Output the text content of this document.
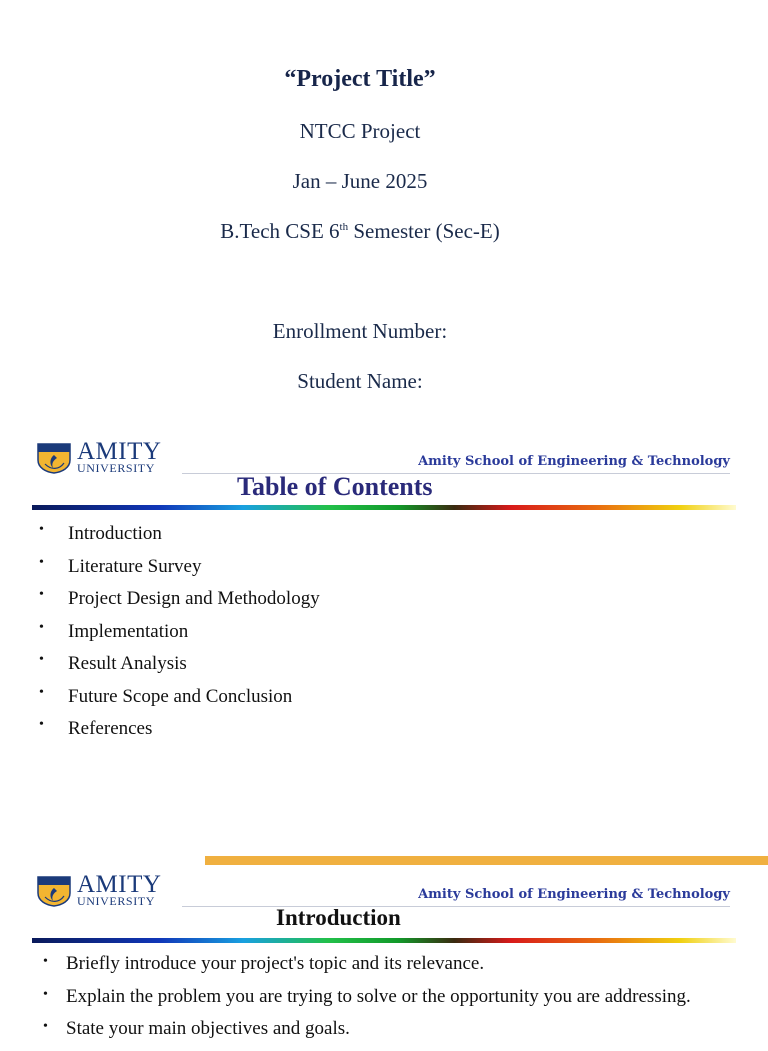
“Project Title”
NTCC Project
Jan – June 2025
B.Tech CSE 6th Semester (Sec-E)
Enrollment Number:
Student Name:
AMITY
UNIVERSITY	Amity School of Engineering & Technology
Table of Contents
• Introduction
• Literature Survey
• Project Design and Methodology
• Implementation
• Result Analysis
• Future Scope and Conclusion
• References
AMITY
UNIVERSITY	Amity School of Engineering & Technology
Introduction
• Briefly introduce your project's topic and its relevance.
• Explain the problem you are trying to solve or the opportunity you are addressing.
• State your main objectives and goals.
